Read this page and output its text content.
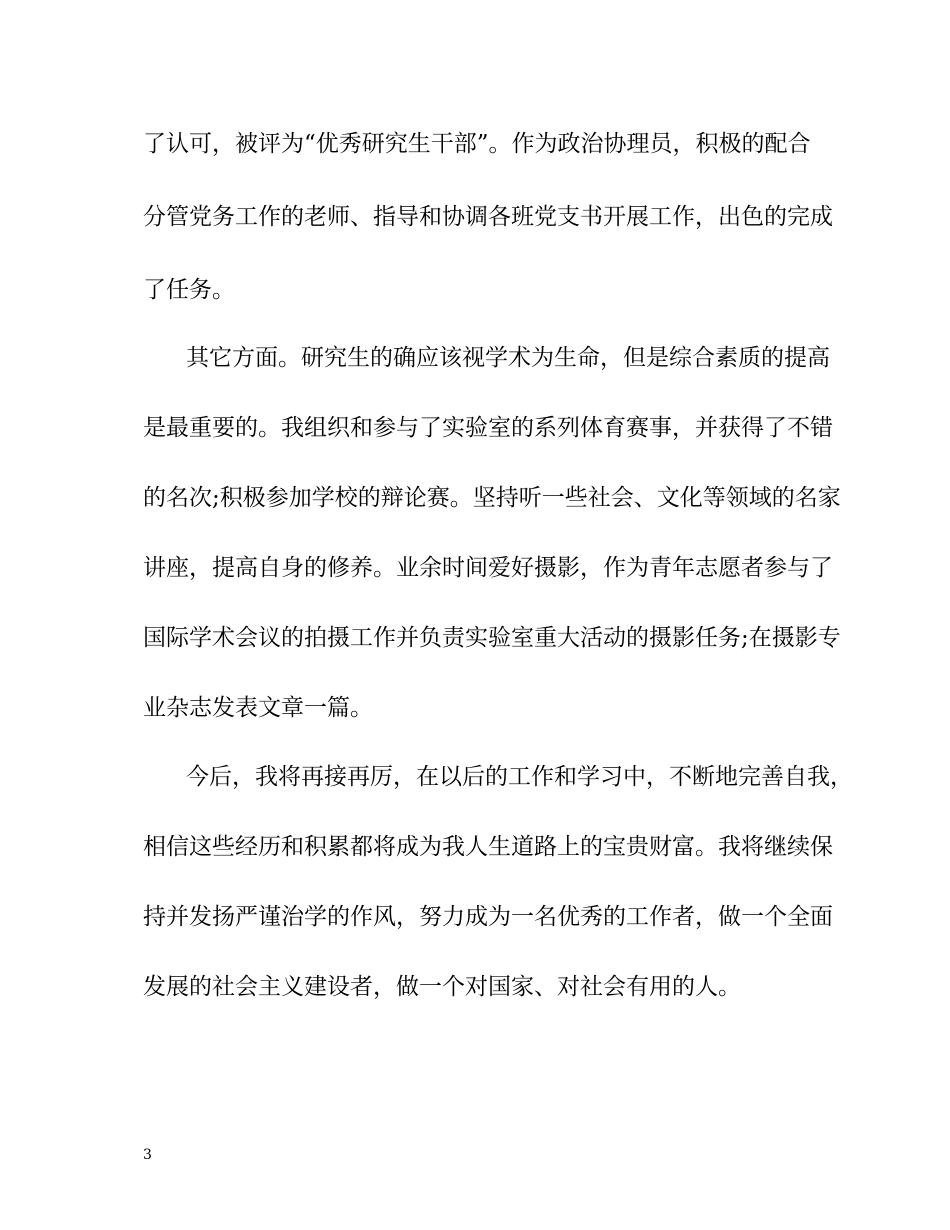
了认可，被评为“优秀研究生干部”。作为政治协理员，积极的配合
分管党务工作的老师、指导和协调各班党支书开展工作，出色的完成
了任务。
其它方面。研究生的确应该视学术为生命，但是综合素质的提高
是最重要的。我组织和参与了实验室的系列体育赛事，并获得了不错
的名次;积极参加学校的辩论赛。坚持听一些社会、文化等领域的名家
讲座，提高自身的修养。业余时间爱好摄影，作为青年志愿者参与了
国际学术会议的拍摄工作并负责实验室重大活动的摄影任务;在摄影专
业杂志发表文章一篇。
今后，我将再接再厉，在以后的工作和学习中，不断地完善自我，
相信这些经历和积累都将成为我人生道路上的宝贵财富。我将继续保
持并发扬严谨治学的作风，努力成为一名优秀的工作者，做一个全面
发展的社会主义建设者，做一个对国家、对社会有用的人。
3
